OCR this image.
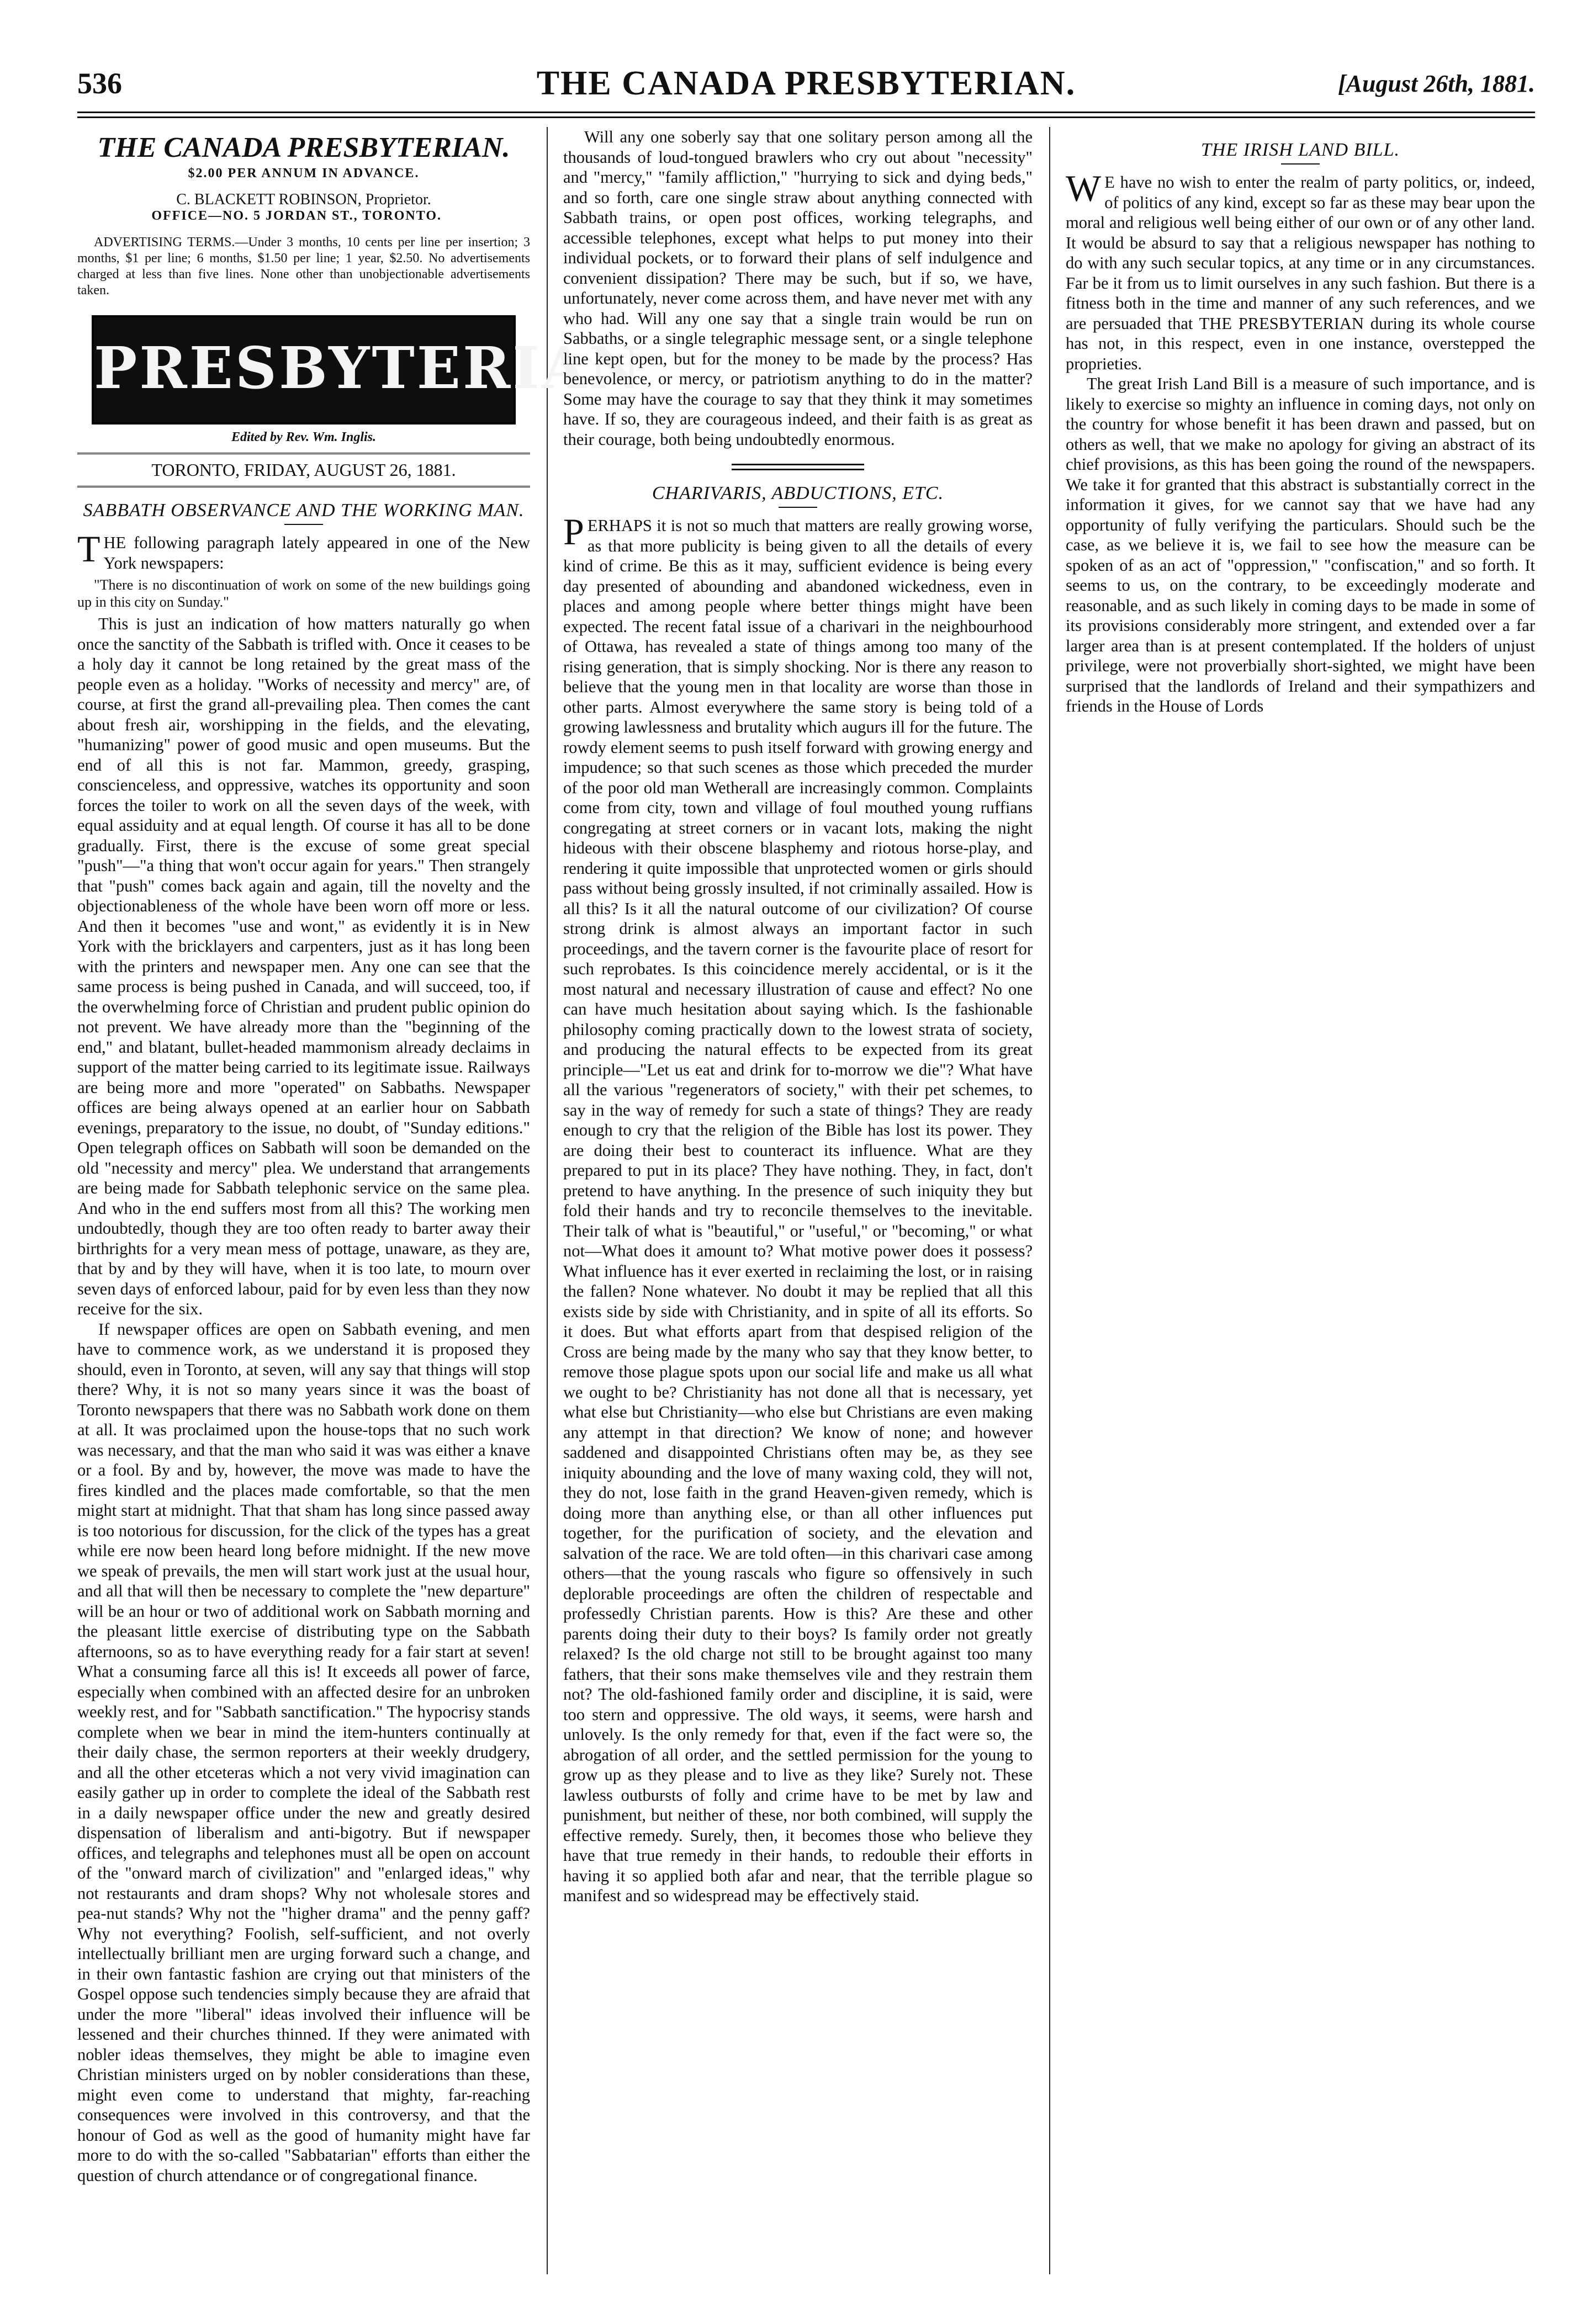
536	THE CANADA PRESBYTERIAN.	[August 26th, 1881.
THE CANADA PRESBYTERIAN.
$2.00 PER ANNUM IN ADVANCE.
C. BLACKETT ROBINSON, Proprietor.
OFFICE—NO. 5 JORDAN ST., TORONTO.
ADVERTISING TERMS.—Under 3 months, 10 cents per line per insertion; 3 months, $1 per line; 6 months, $1.50 per line; 1 year, $2.50. No advertisements charged at less than five lines. None other than unobjectionable advertisements taken.
PRESBYTERIAN
Edited by Rev. Wm. Inglis.
TORONTO, FRIDAY, AUGUST 26, 1881.
SABBATH OBSERVANCE AND THE WORKING MAN.

THE following paragraph lately appeared in one of the New York newspapers:

"There is no discontinuation of work on some of the new buildings going up in this city on Sunday."

This is just an indication of how matters naturally go when once the sanctity of the Sabbath is trifled with. Once it ceases to be a holy day it cannot be long retained by the great mass of the people even as a holiday. "Works of necessity and mercy" are, of course, at first the grand all-prevailing plea. Then comes the cant about fresh air, worshipping in the fields, and the elevating, "humanizing" power of good music and open museums. But the end of all this is not far. Mammon, greedy, grasping, conscienceless, and oppressive, watches its opportunity and soon forces the toiler to work on all the seven days of the week, with equal assiduity and at equal length. Of course it has all to be done gradually. First, there is the excuse of some great special "push"—"a thing that won't occur again for years." Then strangely that "push" comes back again and again, till the novelty and the objectionableness of the whole have been worn off more or less. And then it becomes "use and wont," as evidently it is in New York with the bricklayers and carpenters, just as it has long been with the printers and newspaper men. Any one can see that the same process is being pushed in Canada, and will succeed, too, if the overwhelming force of Christian and prudent public opinion do not prevent. We have already more than the "beginning of the end," and blatant, bullet-headed mammonism already declaims in support of the matter being carried to its legitimate issue. Railways are being more and more "operated" on Sabbaths. Newspaper offices are being always opened at an earlier hour on Sabbath evenings, preparatory to the issue, no doubt, of "Sunday editions." Open telegraph offices on Sabbath will soon be demanded on the old "necessity and mercy" plea. We understand that arrangements are being made for Sabbath telephonic service on the same plea. And who in the end suffers most from all this? The working men undoubtedly, though they are too often ready to barter away their birthrights for a very mean mess of pottage, unaware, as they are, that by and by they will have, when it is too late, to mourn over seven days of enforced labour, paid for by even less than they now receive for the six.

If newspaper offices are open on Sabbath evening, and men have to commence work, as we understand it is proposed they should, even in Toronto, at seven, will any say that things will stop there? Why, it is not so many years since it was the boast of Toronto newspapers that there was no Sabbath work done on them at all. It was proclaimed upon the house-tops that no such work was necessary, and that the man who said it was was either a knave or a fool. By and by, however, the move was made to have the fires kindled and the places made comfortable, so that the men might start at midnight. That that sham has long since passed away is too notorious for discussion, for the click of the types has a great while ere now been heard long before midnight. If the new move we speak of prevails, the men will start work just at the usual hour, and all that will then be necessary to complete the "new departure" will be an hour or two of additional work on Sabbath morning and the pleasant little exercise of distributing type on the Sabbath afternoons, so as to have everything ready for a fair start at seven! What a consuming farce all this is! It exceeds all power of farce, especially when combined with an affected desire for an unbroken weekly rest, and for "Sabbath sanctification." The hypocrisy stands complete when we bear in mind the item-hunters continually at their daily chase, the sermon reporters at their weekly drudgery, and all the other etceteras which a not very vivid imagination can easily gather up in order to complete the ideal of the Sabbath rest in a daily newspaper office under the new and greatly desired dispensation of liberalism and anti-bigotry. But if newspaper offices, and telegraphs and telephones must all be open on account of the "onward march of civilization" and "enlarged ideas," why not restaurants and dram shops? Why not wholesale stores and pea-nut stands? Why not the "higher drama" and the penny gaff? Why not everything? Foolish, self-sufficient, and not overly intellectually brilliant men are urging forward such a change, and in their own fantastic fashion are crying out that ministers of the Gospel oppose such tendencies simply because they are afraid that under the more "liberal" ideas involved their influence will be lessened and their churches thinned. If they were animated with nobler ideas themselves, they might be able to imagine even Christian ministers urged on by nobler considerations than these, might even come to understand that mighty, far-reaching consequences were involved in this controversy, and that the honour of God as well as the good of humanity might have far more to do with the so-called "Sabbatarian" efforts than either the question of church attendance or of congregational finance.

Will any one soberly say that one solitary person among all the thousands of loud-tongued brawlers who cry out about "necessity" and "mercy," "family affliction," "hurrying to sick and dying beds," and so forth, care one single straw about anything connected with Sabbath trains, or open post offices, working telegraphs, and accessible telephones, except what helps to put money into their individual pockets, or to forward their plans of self indulgence and convenient dissipation? There may be such, but if so, we have, unfortunately, never come across them, and have never met with any who had. Will any one say that a single train would be run on Sabbaths, or a single telegraphic message sent, or a single telephone line kept open, but for the money to be made by the process? Has benevolence, or mercy, or patriotism anything to do in the matter? Some may have the courage to say that they think it may sometimes have. If so, they are courageous indeed, and their faith is as great as their courage, both being undoubtedly enormous.

CHARIVARIS, ABDUCTIONS, ETC.

PERHAPS it is not so much that matters are really growing worse, as that more publicity is being given to all the details of every kind of crime. Be this as it may, sufficient evidence is being every day presented of abounding and abandoned wickedness, even in places and among people where better things might have been expected. The recent fatal issue of a charivari in the neighbourhood of Ottawa, has revealed a state of things among too many of the rising generation, that is simply shocking. Nor is there any reason to believe that the young men in that locality are worse than those in other parts. Almost everywhere the same story is being told of a growing lawlessness and brutality which augurs ill for the future. The rowdy element seems to push itself forward with growing energy and impudence; so that such scenes as those which preceded the murder of the poor old man Wetherall are increasingly common. Complaints come from city, town and village of foul mouthed young ruffians congregating at street corners or in vacant lots, making the night hideous with their obscene blasphemy and riotous horse-play, and rendering it quite impossible that unprotected women or girls should pass without being grossly insulted, if not criminally assailed. How is all this? Is it all the natural outcome of our civilization? Of course strong drink is almost always an important factor in such proceedings, and the tavern corner is the favourite place of resort for such reprobates. Is this coincidence merely accidental, or is it the most natural and necessary illustration of cause and effect? No one can have much hesitation about saying which. Is the fashionable philosophy coming practically down to the lowest strata of society, and producing the natural effects to be expected from its great principle—"Let us eat and drink for to-morrow we die"? What have all the various "regenerators of society," with their pet schemes, to say in the way of remedy for such a state of things? They are ready enough to cry that the religion of the Bible has lost its power. They are doing their best to counteract its influence. What are they prepared to put in its place? They have nothing. They, in fact, don't pretend to have anything. In the presence of such iniquity they but fold their hands and try to reconcile themselves to the inevitable. Their talk of what is "beautiful," or "useful," or "becoming," or what not—What does it amount to? What motive power does it possess? What influence has it ever exerted in reclaiming the lost, or in raising the fallen? None whatever. No doubt it may be replied that all this exists side by side with Christianity, and in spite of all its efforts. So it does. But what efforts apart from that despised religion of the Cross are being made by the many who say that they know better, to remove those plague spots upon our social life and make us all what we ought to be? Christianity has not done all that is necessary, yet what else but Christianity—who else but Christians are even making any attempt in that direction? We know of none; and however saddened and disappointed Christians often may be, as they see iniquity abounding and the love of many waxing cold, they will not, they do not, lose faith in the grand Heaven-given remedy, which is doing more than anything else, or than all other influences put together, for the purification of society, and the elevation and salvation of the race. We are told often—in this charivari case among others—that the young rascals who figure so offensively in such deplorable proceedings are often the children of respectable and professedly Christian parents. How is this? Are these and other parents doing their duty to their boys? Is family order not greatly relaxed? Is the old charge not still to be brought against too many fathers, that their sons make themselves vile and they restrain them not? The old-fashioned family order and discipline, it is said, were too stern and oppressive. The old ways, it seems, were harsh and unlovely. Is the only remedy for that, even if the fact were so, the abrogation of all order, and the settled permission for the young to grow up as they please and to live as they like? Surely not. These lawless outbursts of folly and crime have to be met by law and punishment, but neither of these, nor both combined, will supply the effective remedy. Surely, then, it becomes those who believe they have that true remedy in their hands, to redouble their efforts in having it so applied both afar and near, that the terrible plague so manifest and so widespread may be effectively staid.

THE IRISH LAND BILL.

WE have no wish to enter the realm of party politics, or, indeed, of politics of any kind, except so far as these may bear upon the moral and religious well being either of our own or of any other land. It would be absurd to say that a religious newspaper has nothing to do with any such secular topics, at any time or in any circumstances. Far be it from us to limit ourselves in any such fashion. But there is a fitness both in the time and manner of any such references, and we are persuaded that THE PRESBYTERIAN during its whole course has not, in this respect, even in one instance, overstepped the proprieties.

The great Irish Land Bill is a measure of such importance, and is likely to exercise so mighty an influence in coming days, not only on the country for whose benefit it has been drawn and passed, but on others as well, that we make no apology for giving an abstract of its chief provisions, as this has been going the round of the newspapers. We take it for granted that this abstract is substantially correct in the information it gives, for we cannot say that we have had any opportunity of fully verifying the particulars. Should such be the case, as we believe it is, we fail to see how the measure can be spoken of as an act of "oppression," "confiscation," and so forth. It seems to us, on the contrary, to be exceedingly moderate and reasonable, and as such likely in coming days to be made in some of its provisions considerably more stringent, and extended over a far larger area than is at present contemplated. If the holders of unjust privilege, were not proverbially short-sighted, we might have been surprised that the landlords of Ireland and their sympathizers and friends in the House of Lords
